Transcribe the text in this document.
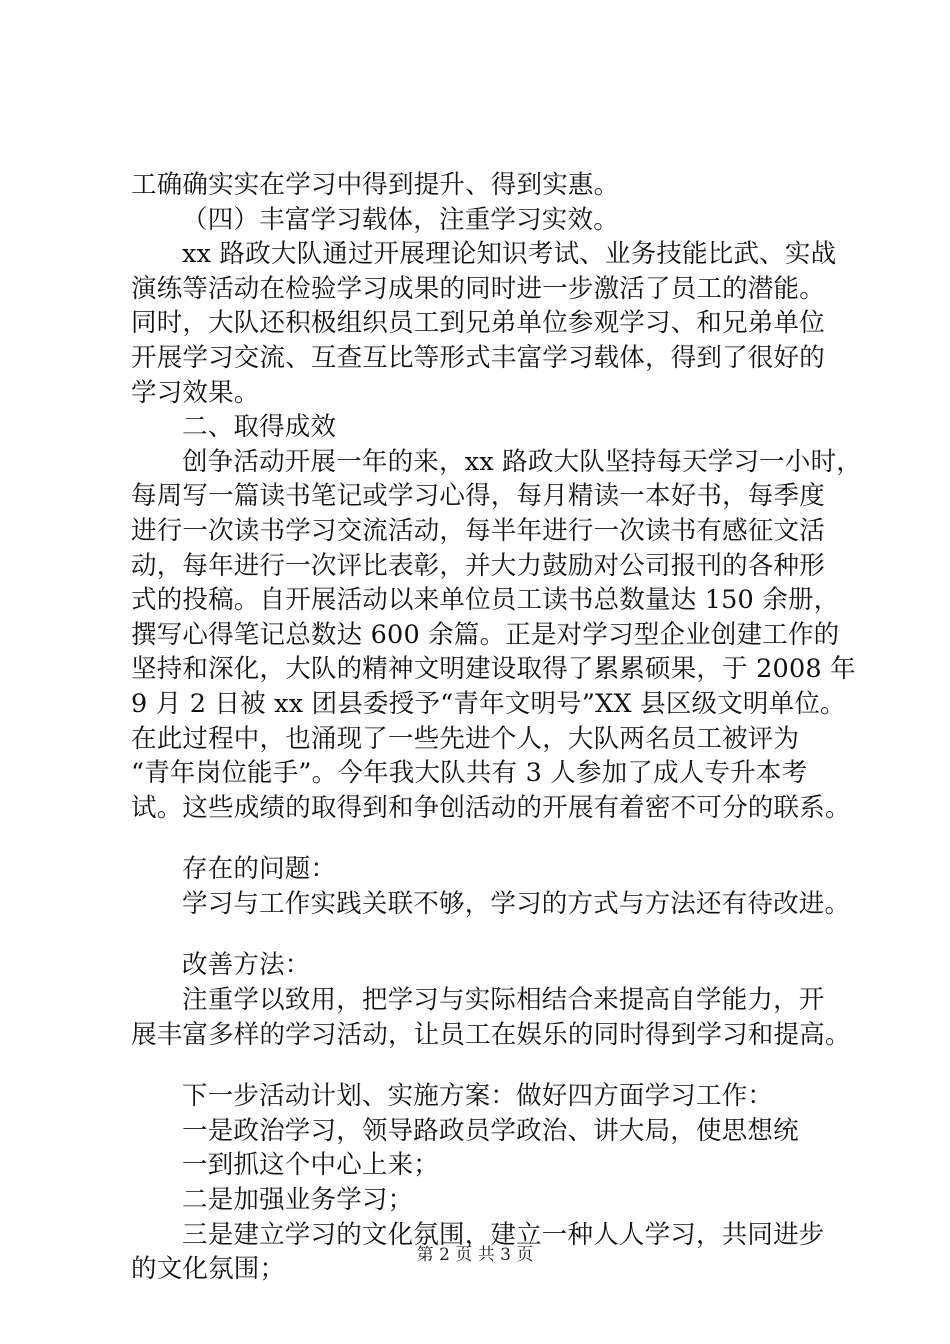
工确确实实在学习中得到提升、得到实惠。
（四）丰富学习载体，注重学习实效。
xx 路政大队通过开展理论知识考试、业务技能比武、实战
演练等活动在检验学习成果的同时进一步激活了员工的潜能。
同时，大队还积极组织员工到兄弟单位参观学习、和兄弟单位
开展学习交流、互查互比等形式丰富学习载体，得到了很好的
学习效果。
二、取得成效
创争活动开展一年的来，xx 路政大队坚持每天学习一小时，
每周写一篇读书笔记或学习心得，每月精读一本好书，每季度
进行一次读书学习交流活动，每半年进行一次读书有感征文活
动，每年进行一次评比表彰，并大力鼓励对公司报刊的各种形
式的投稿。自开展活动以来单位员工读书总数量达 150 余册，
撰写心得笔记总数达 600 余篇。正是对学习型企业创建工作的
坚持和深化，大队的精神文明建设取得了累累硕果，于 2008 年
9 月 2 日被 xx 团县委授予“青年文明号”XX 县区级文明单位。
在此过程中，也涌现了一些先进个人，大队两名员工被评为
“青年岗位能手”。今年我大队共有 3 人参加了成人专升本考
试。这些成绩的取得到和争创活动的开展有着密不可分的联系。
存在的问题：
学习与工作实践关联不够，学习的方式与方法还有待改进。
改善方法：
注重学以致用，把学习与实际相结合来提高自学能力，开
展丰富多样的学习活动，让员工在娱乐的同时得到学习和提高。
下一步活动计划、实施方案：做好四方面学习工作：
一是政治学习，领导路政员学政治、讲大局，使思想统
一到抓这个中心上来；
二是加强业务学习；
三是建立学习的文化氛围，建立一种人人学习，共同进步
的文化氛围；	第 2 页 共 3 页
